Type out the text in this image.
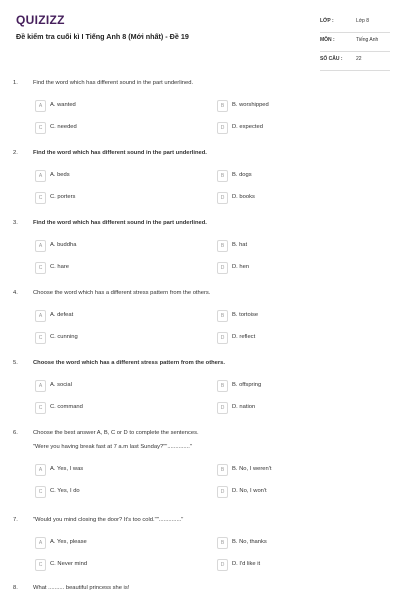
QUIZIZZ
Đề kiểm tra cuối kì I Tiếng Anh 8 (Mới nhất) - Đề 19
LỚP :	Lớp 8
MÔN :	Tiếng Anh
SỐ CÂU :	22
1.	Find the word which has different sound in the part underlined.
A	A. wanted	B	B. worshipped
C	C. needed	D	D. expected
2.	Find the word which has different sound in the part underlined.
A	A. beds	B	B. dogs
C	C. porters	D	D. books
3.	Find the word which has different sound in the part underlined.
A	A. buddha	B	B. hat
C	C. hare	D	D. hen
4.	Choose the word which has a different stress pattern from the others.
A	A. defeat	B	B. tortoise
C	C. cunning	D	D. reflect
5.	Choose the word which has a different stress pattern from the others.
A	A. social	B	B. offspring
C	C. command	D	D. nation
6.	Choose the best answer A, B, C or D to complete the sentences.
"Were you having break fast at 7 a.m last Sunday?"".............."
A	A. Yes, I was	B	B. No, I weren't
C	C. Yes, I do	D	D. No, I won't
7.	"Would you mind closing the door? It's too cold."".............."
A	A. Yes, please	B	B. No, thanks
C	C. Never mind	D	D. I'd like it
8.	What .......... beautiful princess she is!
